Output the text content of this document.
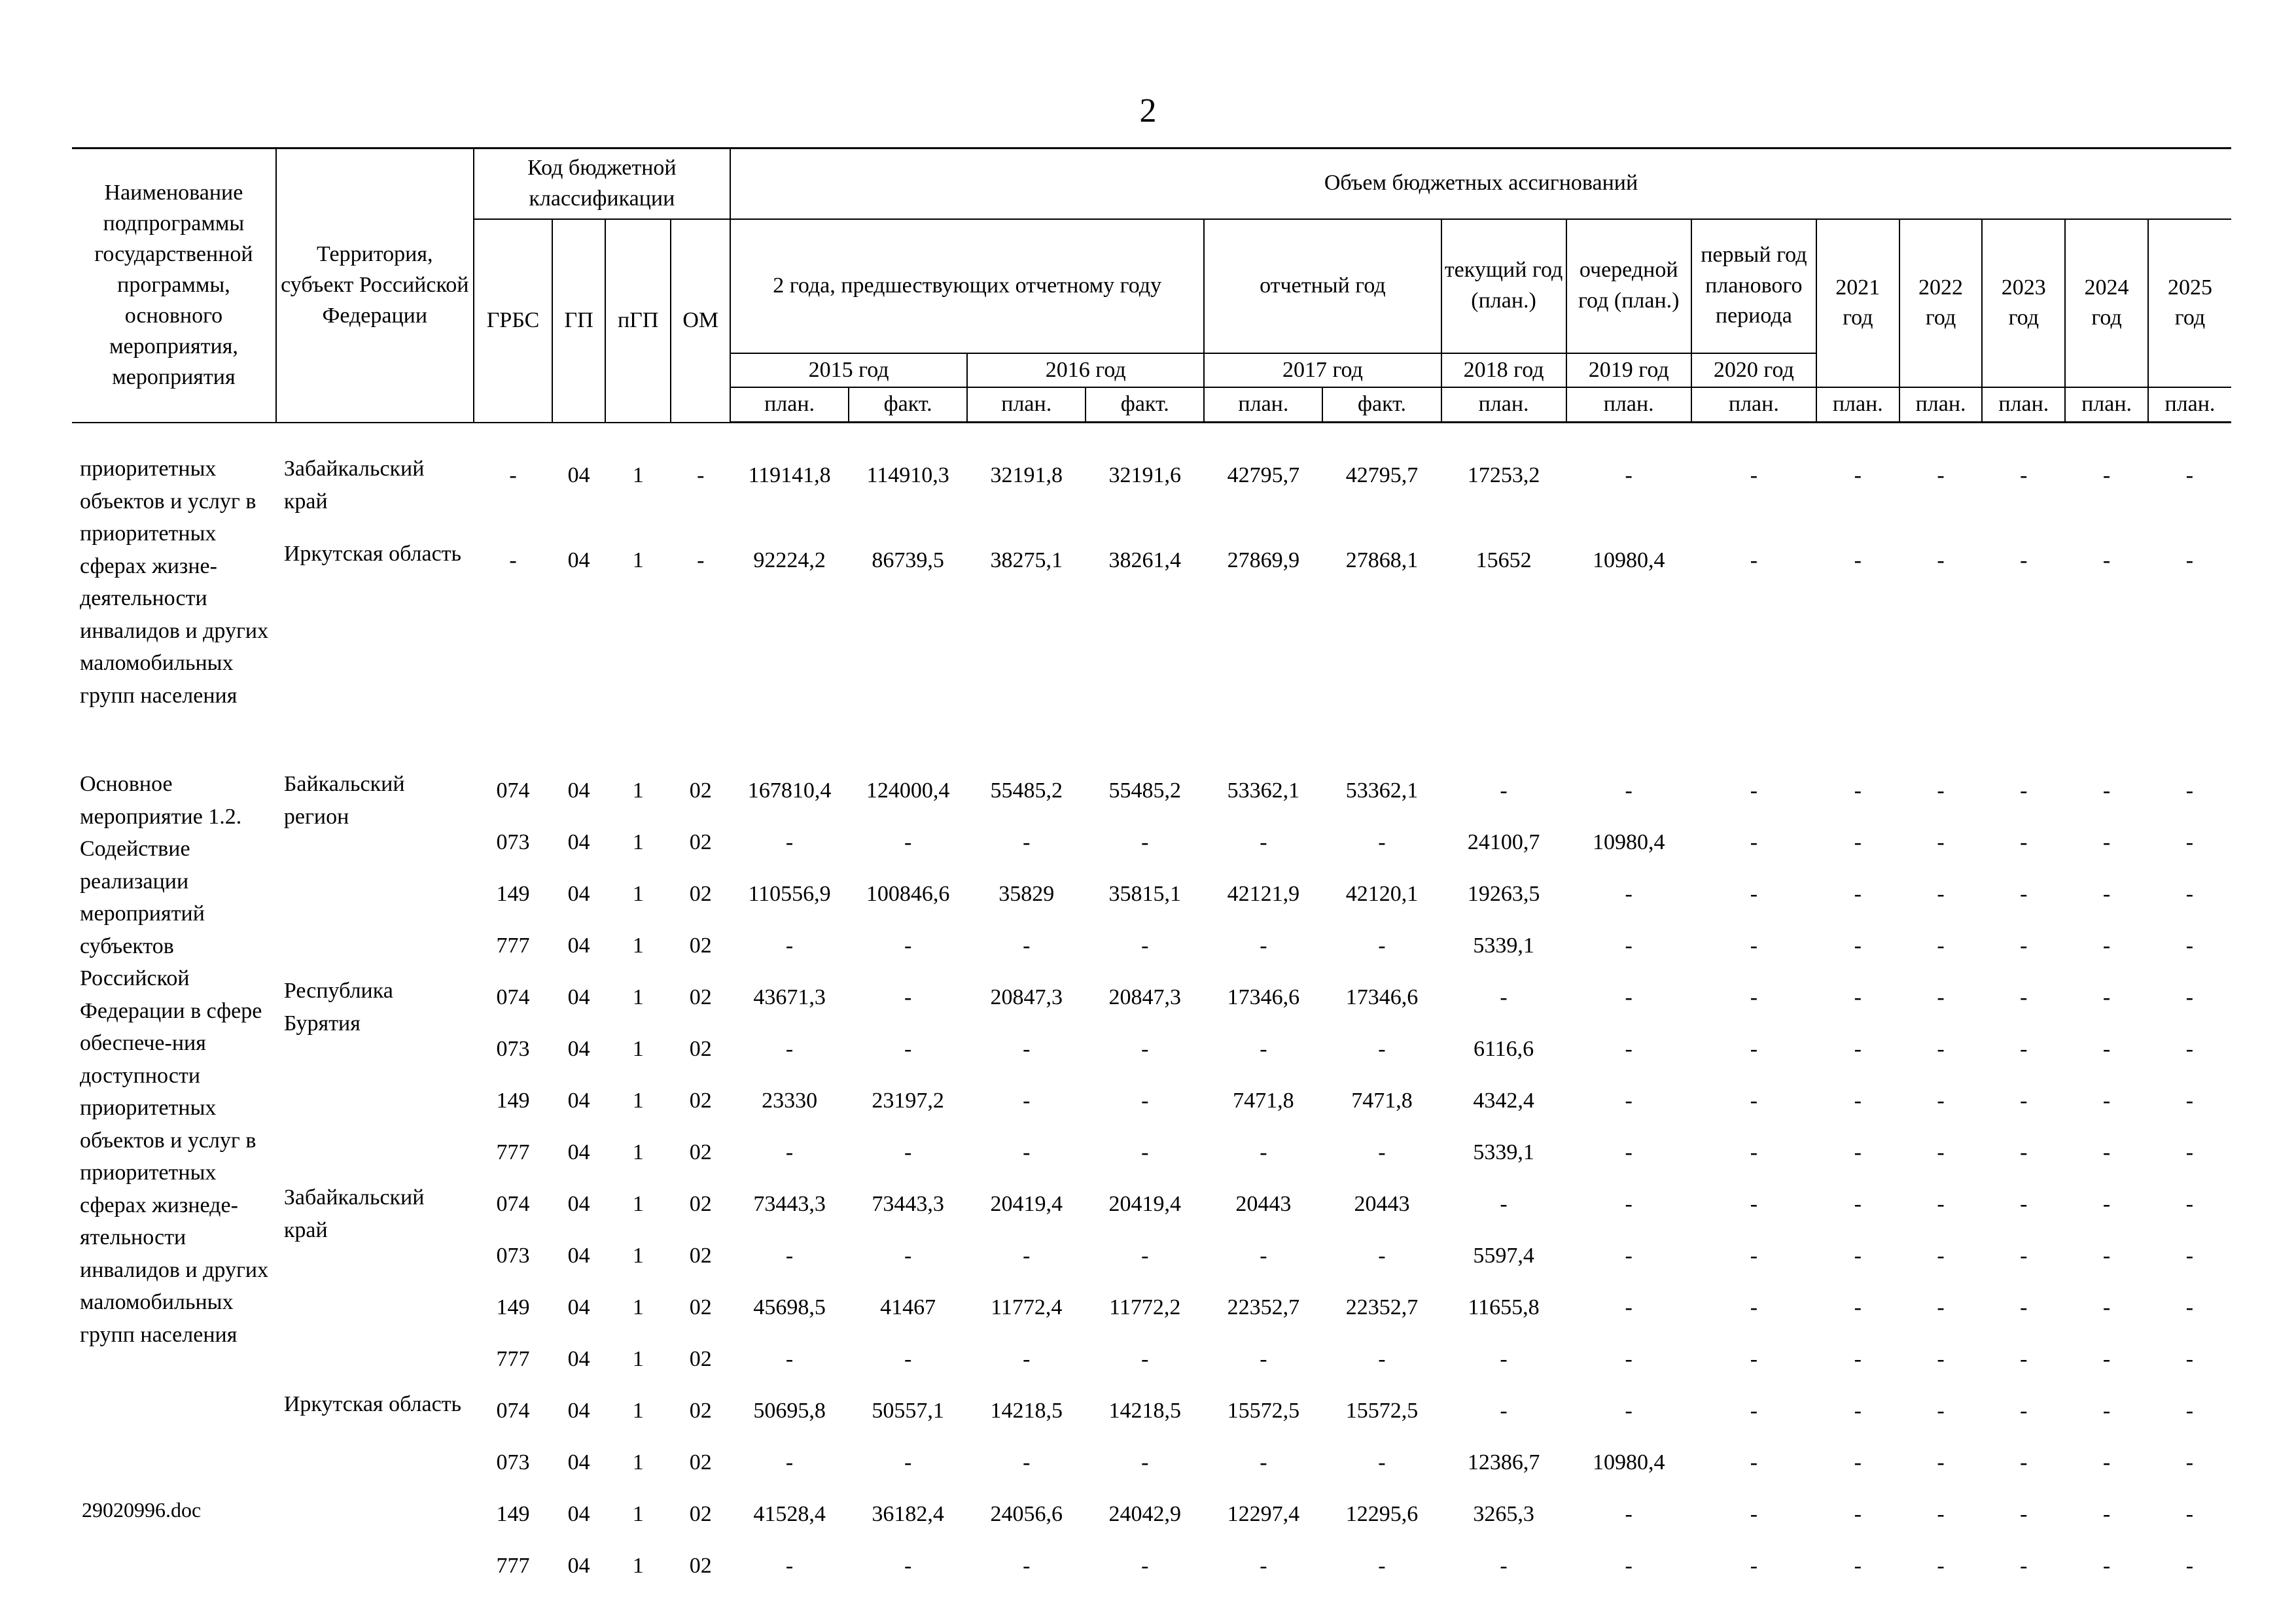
2
Наименование подпрограммы государственной программы, основного мероприятия, мероприятия	Территория, субъект Российской Федерации	Код бюджетной классификации				Объем бюджетных ассигнований													
		ГРБС	ГП	пГП	ОМ	2 года, предшествующих отчетному году				отчетный год		текущий год (план.)	очередной год (план.)	первый год планового периода	2021 год	2022 год	2023 год	2024 год	2025 год
						2015 год		2016 год		2017 год		2018 год	2019 год	2020 год					
						план.	факт.	план.	факт.	план.	факт.	план.	план.	план.	план.	план.	план.	план.	план.

приоритетных объектов и услуг в приоритетных сферах жизне-деятельности инвалидов и других маломобильных групп населения	Забайкальский край	-	04	1	-	119141,8	114910,3	32191,8	32191,6	42795,7	42795,7	17253,2	-	-	-	-	-	-	-
	Иркутская область	-	04	1	-	92224,2	86739,5	38275,1	38261,4	27869,9	27868,1	15652	10980,4	-	-	-	-	-	-
Основное мероприятие 1.2. Содействие реализации мероприятий субъектов Российской Федерации в сфере обеспече-ния доступности приоритетных объектов и услуг в приоритетных сферах жизнеде-ятельности инвалидов и других маломобильных групп населения	Байкальский регион	074	04	1	02	167810,4	124000,4	55485,2	55485,2	53362,1	53362,1	-	-	-	-	-	-	-	-
		073	04	1	02	-	-	-	-	-	-	24100,7	10980,4	-	-	-	-	-	-
		149	04	1	02	110556,9	100846,6	35829	35815,1	42121,9	42120,1	19263,5	-	-	-	-	-	-	-
		777	04	1	02	-	-	-	-	-	-	5339,1	-	-	-	-	-	-	-
	Республика Бурятия	074	04	1	02	43671,3	-	20847,3	20847,3	17346,6	17346,6	-	-	-	-	-	-	-	-
		073	04	1	02	-	-	-	-	-	-	6116,6	-	-	-	-	-	-	-
		149	04	1	02	23330	23197,2	-	-	7471,8	7471,8	4342,4	-	-	-	-	-	-	-
		777	04	1	02	-	-	-	-	-	-	5339,1	-	-	-	-	-	-	-
	Забайкальский край	074	04	1	02	73443,3	73443,3	20419,4	20419,4	20443	20443	-	-	-	-	-	-	-	-
		073	04	1	02	-	-	-	-	-	-	5597,4	-	-	-	-	-	-	-
		149	04	1	02	45698,5	41467	11772,4	11772,2	22352,7	22352,7	11655,8	-	-	-	-	-	-	-
		777	04	1	02	-	-	-	-	-	-	-	-	-	-	-	-	-	-
	Иркутская область	074	04	1	02	50695,8	50557,1	14218,5	14218,5	15572,5	15572,5	-	-	-	-	-	-	-	-
		073	04	1	02	-	-	-	-	-	-	12386,7	10980,4	-	-	-	-	-	-
		149	04	1	02	41528,4	36182,4	24056,6	24042,9	12297,4	12295,6	3265,3	-	-	-	-	-	-	-
		777	04	1	02	-	-	-	-	-	-	-	-	-	-	-	-	-	-
29020996.doc
